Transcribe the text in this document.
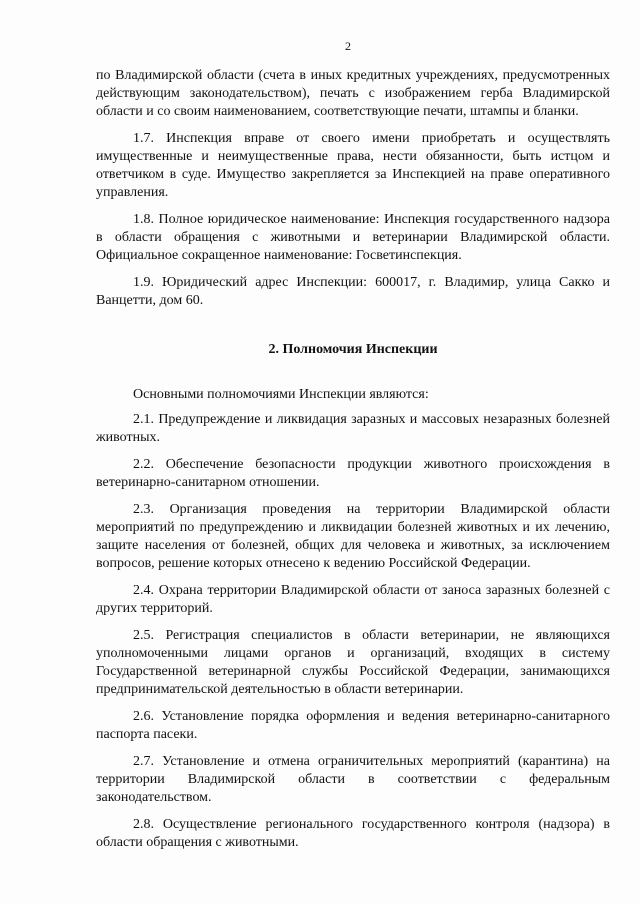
2

по Владимирской области (счета в иных кредитных учреждениях, предусмотренных действующим законодательством), печать с изображением герба Владимирской области и со своим наименованием, соответствующие печати, штампы и бланки.

1.7. Инспекция вправе от своего имени приобретать и осуществлять имущественные и неимущественные права, нести обязанности, быть истцом и ответчиком в суде. Имущество закрепляется за Инспекцией на праве оперативного управления.

1.8. Полное юридическое наименование: Инспекция государственного надзора в области обращения с животными и ветеринарии Владимирской области. Официальное сокращенное наименование: Госветинспекция.

1.9. Юридический адрес Инспекции: 600017, г. Владимир, улица Сакко и Ванцетти, дом 60.

2. Полномочия Инспекции

Основными полномочиями Инспекции являются:

2.1. Предупреждение и ликвидация заразных и массовых незаразных болезней животных.

2.2. Обеспечение безопасности продукции животного происхождения в ветеринарно-санитарном отношении.

2.3. Организация проведения на территории Владимирской области мероприятий по предупреждению и ликвидации болезней животных и их лечению, защите населения от болезней, общих для человека и животных, за исключением вопросов, решение которых отнесено к ведению Российской Федерации.

2.4. Охрана территории Владимирской области от заноса заразных болезней с других территорий.

2.5. Регистрация специалистов в области ветеринарии, не являющихся уполномоченными лицами органов и организаций, входящих в систему Государственной ветеринарной службы Российской Федерации, занимающихся предпринимательской деятельностью в области ветеринарии.

2.6. Установление порядка оформления и ведения ветеринарно-санитарного паспорта пасеки.

2.7. Установление и отмена ограничительных мероприятий (карантина) на территории Владимирской области в соответствии с федеральным законодательством.

2.8. Осуществление регионального государственного контроля (надзора) в области обращения с животными.
